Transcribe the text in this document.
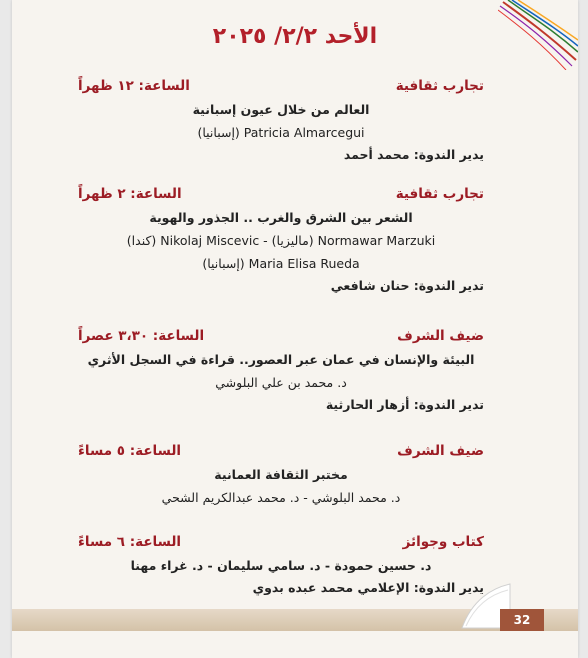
الأحد ٢/٢/ ٢٠٢٥
تجارب ثقافية
الساعة: ١٢ ظهراً
العالم من خلال عيون إسبانية
Patricia Almarcegui (إسبانيا)
يدير الندوة: محمد أحمد
تجارب ثقافية
الساعة: ٢ ظهراً
الشعر بين الشرق والغرب .. الجذور والهوية
Normawar Marzuki (ماليزيا) - Nikolaj Miscevic (كندا)
Maria Elisa Rueda (إسبانيا)
تدير الندوة: حنان شافعي
ضيف الشرف
الساعة: ٣،٣٠ عصراً
البيئة والإنسان في عمان عبر العصور.. قراءة في السجل الأثري
د. محمد بن علي البلوشي
تدير الندوة: أزهار الحارثية
ضيف الشرف
الساعة: ٥ مساءً
مختبر الثقافة العمانية
د. محمد البلوشي - د. محمد عبدالكريم الشحي
كتاب وجوائز
الساعة: ٦ مساءً
د. حسين حمودة - د. سامي سليمان - د. غراء مهنا
يدير الندوة: الإعلامي محمد عبده بدوي
32
